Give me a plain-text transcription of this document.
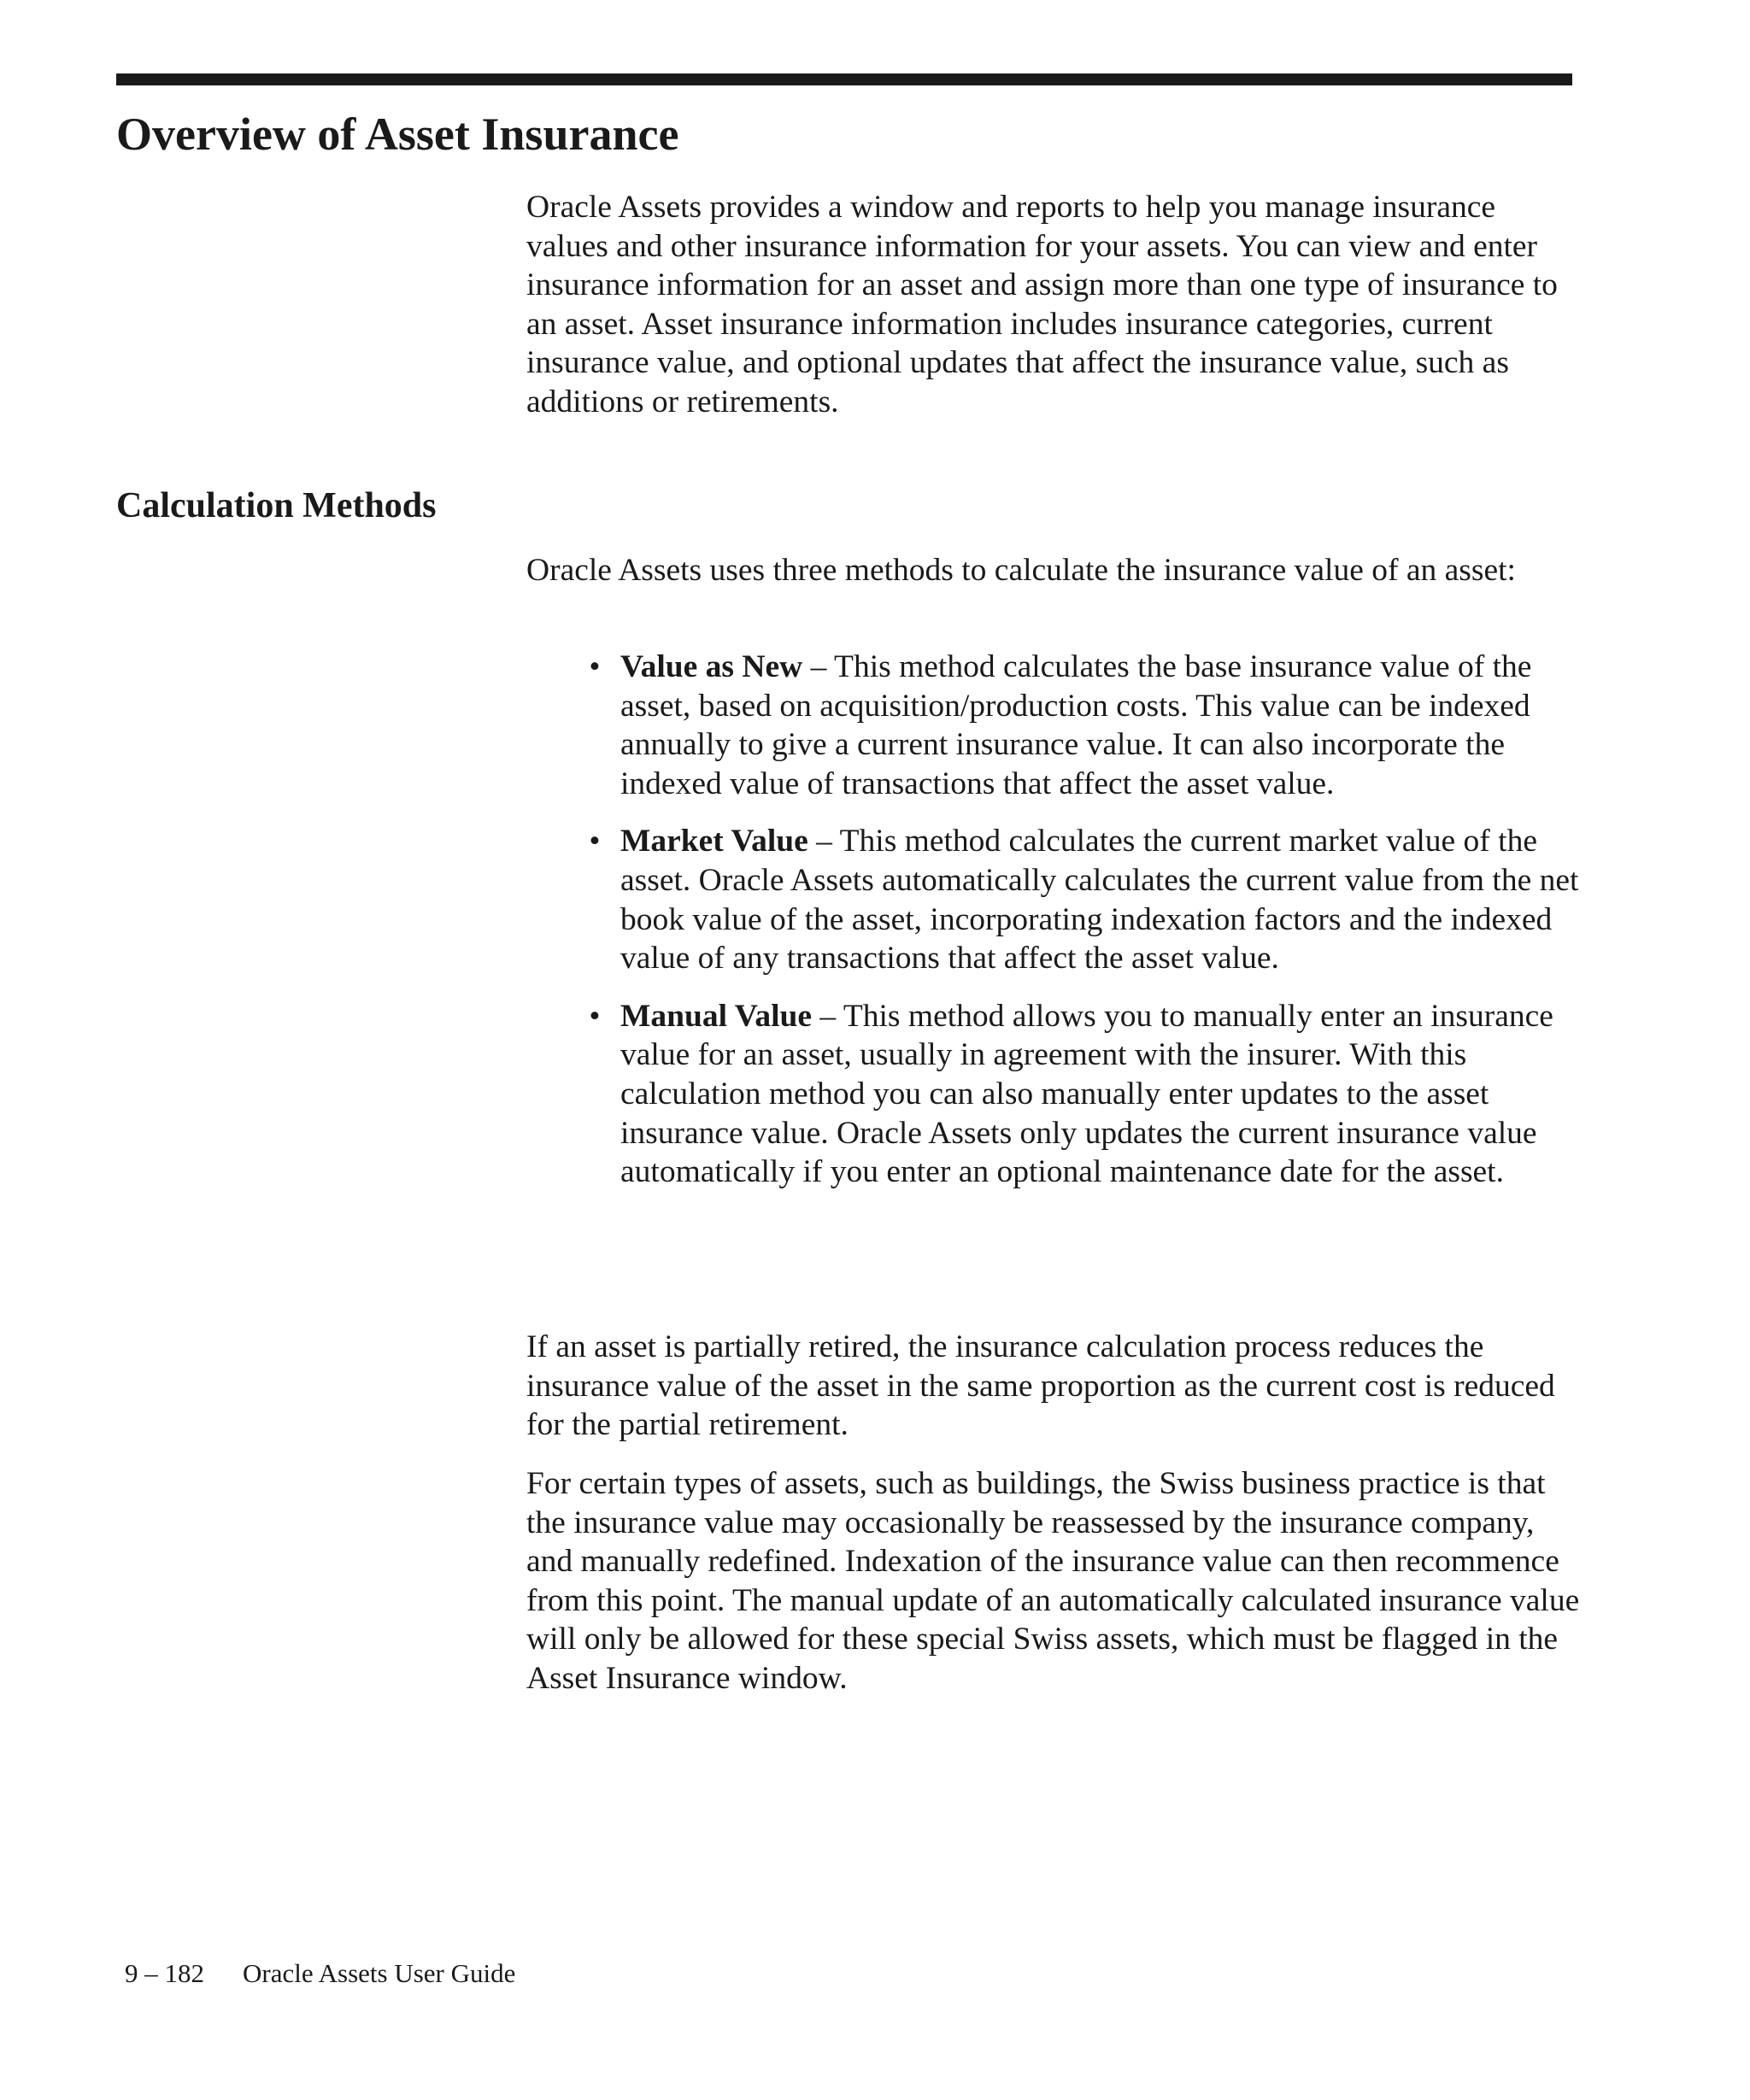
Overview of Asset Insurance

Oracle Assets provides a window and reports to help you manage insurance values and other insurance information for your assets. You can view and enter insurance information for an asset and assign more than one type of insurance to an asset. Asset insurance information includes insurance categories, current insurance value, and optional updates that affect the insurance value, such as additions or retirements.

Calculation Methods

Oracle Assets uses three methods to calculate the insurance value of an asset:

• Value as New – This method calculates the base insurance value of the asset, based on acquisition/production costs. This value can be indexed annually to give a current insurance value. It can also incorporate the indexed value of transactions that affect the asset value.
• Market Value – This method calculates the current market value of the asset. Oracle Assets automatically calculates the current value from the net book value of the asset, incorporating indexation factors and the indexed value of any transactions that affect the asset value.
• Manual Value – This method allows you to manually enter an insurance value for an asset, usually in agreement with the insurer. With this calculation method you can also manually enter updates to the asset insurance value. Oracle Assets only updates the current insurance value automatically if you enter an optional maintenance date for the asset.

If an asset is partially retired, the insurance calculation process reduces the insurance value of the asset in the same proportion as the current cost is reduced for the partial retirement.

For certain types of assets, such as buildings, the Swiss business practice is that the insurance value may occasionally be reassessed by the insurance company, and manually redefined. Indexation of the insurance value can then recommence from this point. The manual update of an automatically calculated insurance value will only be allowed for these special Swiss assets, which must be flagged in the Asset Insurance window.

9 – 182 Oracle Assets User Guide
